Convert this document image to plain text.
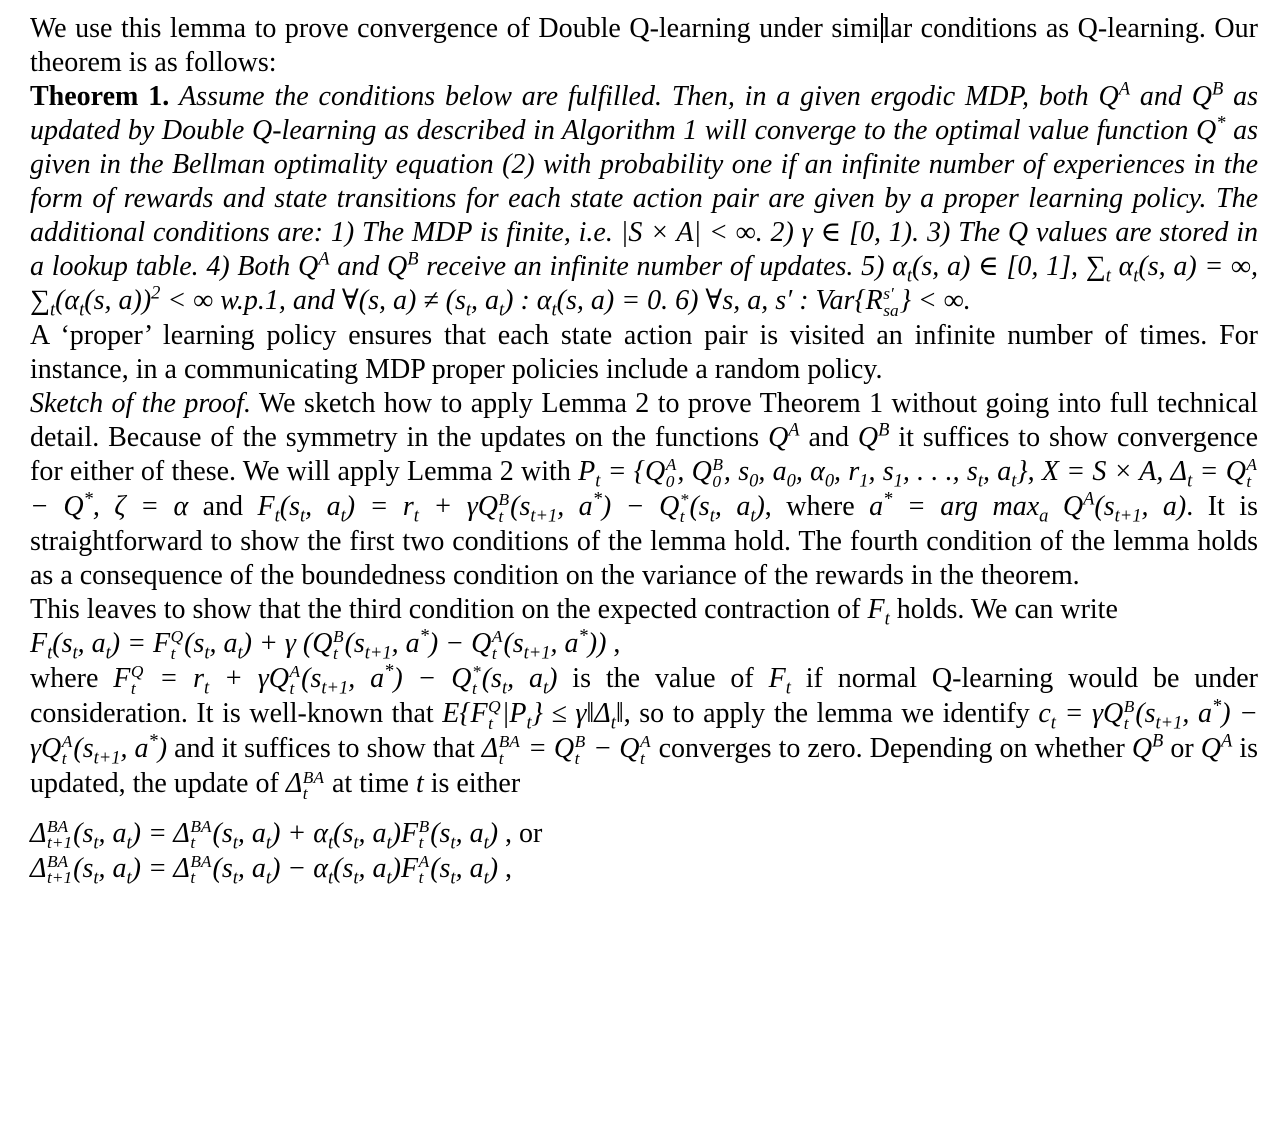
We use this lemma to prove convergence of Double Q-learning under simi lar conditions as Q-learning. Our theorem is as follows:

Theorem 1. Assume the conditions below are fulfilled. Then, in a given ergodic MDP, both $Q^A$ and $Q^B$ as updated by Double Q-learning as described in Algorithm 1 will converge to the optimal value function Q* as given in the Bellman optimality equation (2) with probability one if an infinite number of experiences in the form of rewards and state transitions for each state action pair are given by a proper learning policy. The additional conditions are: 1) The MDP is finite, i.e. |S × A| < ∞. 2) γ ∈ [0, 1). 3) The Q values are stored in a lookup table. 4) Both $Q^A$ and $Q^B$ receive an infinite number of updates. 5) $\alpha_t(s$, a) ∈ [0, 1], $\sum_t$ $\alpha_t(s$, a) = ∞, $\sum_t(\alpha_t(s$, a))$^2$ < ∞ w.p.1, and ∀(s, $a) \ne (s_t$, $a_t$) : $\alpha_t(s$, a) = 0. 6) ∀s, a, s′ : Var{R s′
sa } < ∞.

A ‘proper’ learning policy ensures that each state action pair is visited an infinite number of times. For instance, in a communicating MDP proper policies include a random policy.

Sketch of the proof. We sketch how to apply Lemma 2 to prove Theorem 1 without going into full technical detail. Because of the symmetry in the updates on the functions $Q^A$ and $Q^B$ it suffices to show convergence for either of these. We will apply Lemma 2 with $P_t = \{Q$ A
0 , Q B
0 , $s_0$, $a_0$, $\alpha_0$, $r_1$, $s_1$, . . ., $s_t$, $a_t$}, X = S × A, $\Delta_t = Q$ A
t
− Q*, ζ = α and $F_t(s_t$, $a_t) = r_t + \gamma Q$ B
t ($s_{t+1}$, a*) − Q *
t ($s_t$, $a_t$), where a* = arg $\max_a Q^A(s_{t+1}$, a). It is straightforward to show the first two conditions of the lemma hold. The fourth condition of the lemma holds as a consequence of the boundedness condition on the variance of the rewards in the theorem.

This leaves to show that the third condition on the expected contraction of $F_t$ holds. We can write

$F_t(s_t$, $a_t) = F$ Q
t ($s_t$, $a_t) + \gamma$ (Q B
t ($s_{t+1}$, a*) − Q A
t ($s_{t+1}$, a*)) ,

where F Q
$t = r_t + \gamma Q$ A
t ($s_{t+1}$, a*) − Q *
t ($s_t$, $a_t$) is the value of $F_t$ if normal Q-learning would be under consideration. It is well-known that E{F Q
t $|P_t$} ≤ $\gamma‖\Delta_t‖$, so to apply the lemma we identify $c_t = \gamma Q$ B
t ($s_{t+1}$, a*) − γQ A
t ($s_{t+1}$, a*) and it suffices to show that Δ BA
t = Q B
t − Q A
t converges to zero. Depending on whether $Q^B$ or $Q^A$ is updated, the update of Δ BA
t at time t is either

Δ BA
t+1 ($s_t$, $a_t) = \Delta$ BA
t ($s_t$, $a_t) + \alpha_t(s_t$, $a_t)F$ B
t ($s_t$, $a_t$) , or

Δ BA
t+1 ($s_t$, $a_t) = \Delta$ BA
t ($s_t$, $a_t) - \alpha_t(s_t$, $a_t)F$ A
t ($s_t$, $a_t$) ,
